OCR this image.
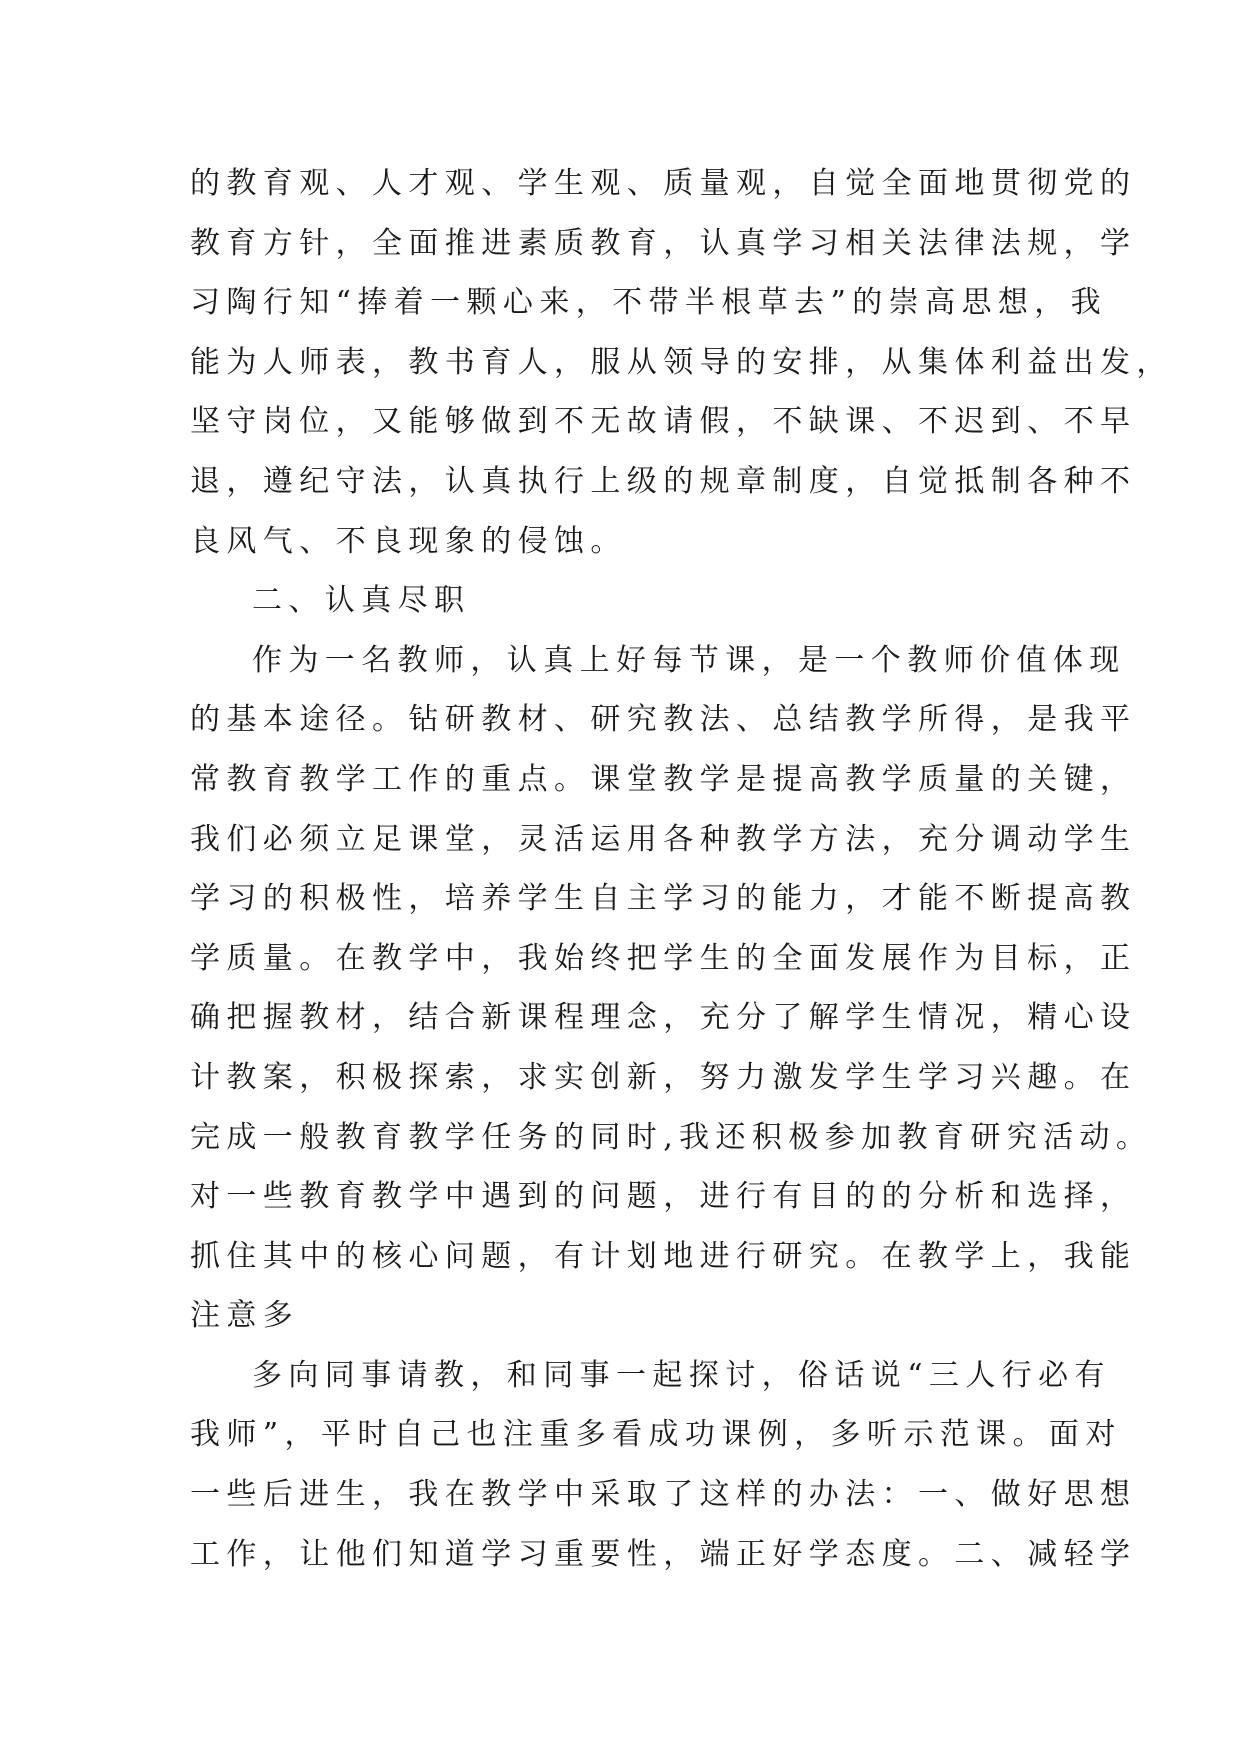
的教育观、人才观、学生观、质量观，自觉全面地贯彻党的
教育方针，全面推进素质教育，认真学习相关法律法规，学
习陶行知“捧着一颗心来，不带半根草去”的崇高思想，我
能为人师表，教书育人，服从领导的安排，从集体利益出发，
坚守岗位，又能够做到不无故请假，不缺课、不迟到、不早
退，遵纪守法，认真执行上级的规章制度，自觉抵制各种不
良风气、不良现象的侵蚀。
二、认真尽职
作为一名教师，认真上好每节课，是一个教师价值体现
的基本途径。钻研教材、研究教法、总结教学所得，是我平
常教育教学工作的重点。课堂教学是提高教学质量的关键，
我们必须立足课堂，灵活运用各种教学方法，充分调动学生
学习的积极性，培养学生自主学习的能力，才能不断提高教
学质量。在教学中，我始终把学生的全面发展作为目标，正
确把握教材，结合新课程理念，充分了解学生情况，精心设
计教案，积极探索，求实创新，努力激发学生学习兴趣。在
完成一般教育教学任务的同时,我还积极参加教育研究活动。
对一些教育教学中遇到的问题，进行有目的的分析和选择，
抓住其中的核心问题，有计划地进行研究。在教学上，我能
注意多
多向同事请教，和同事一起探讨，俗话说“三人行必有
我师”，平时自己也注重多看成功课例，多听示范课。面对
一些后进生，我在教学中采取了这样的办法：一、做好思想
工作，让他们知道学习重要性，端正好学态度。二、减轻学
